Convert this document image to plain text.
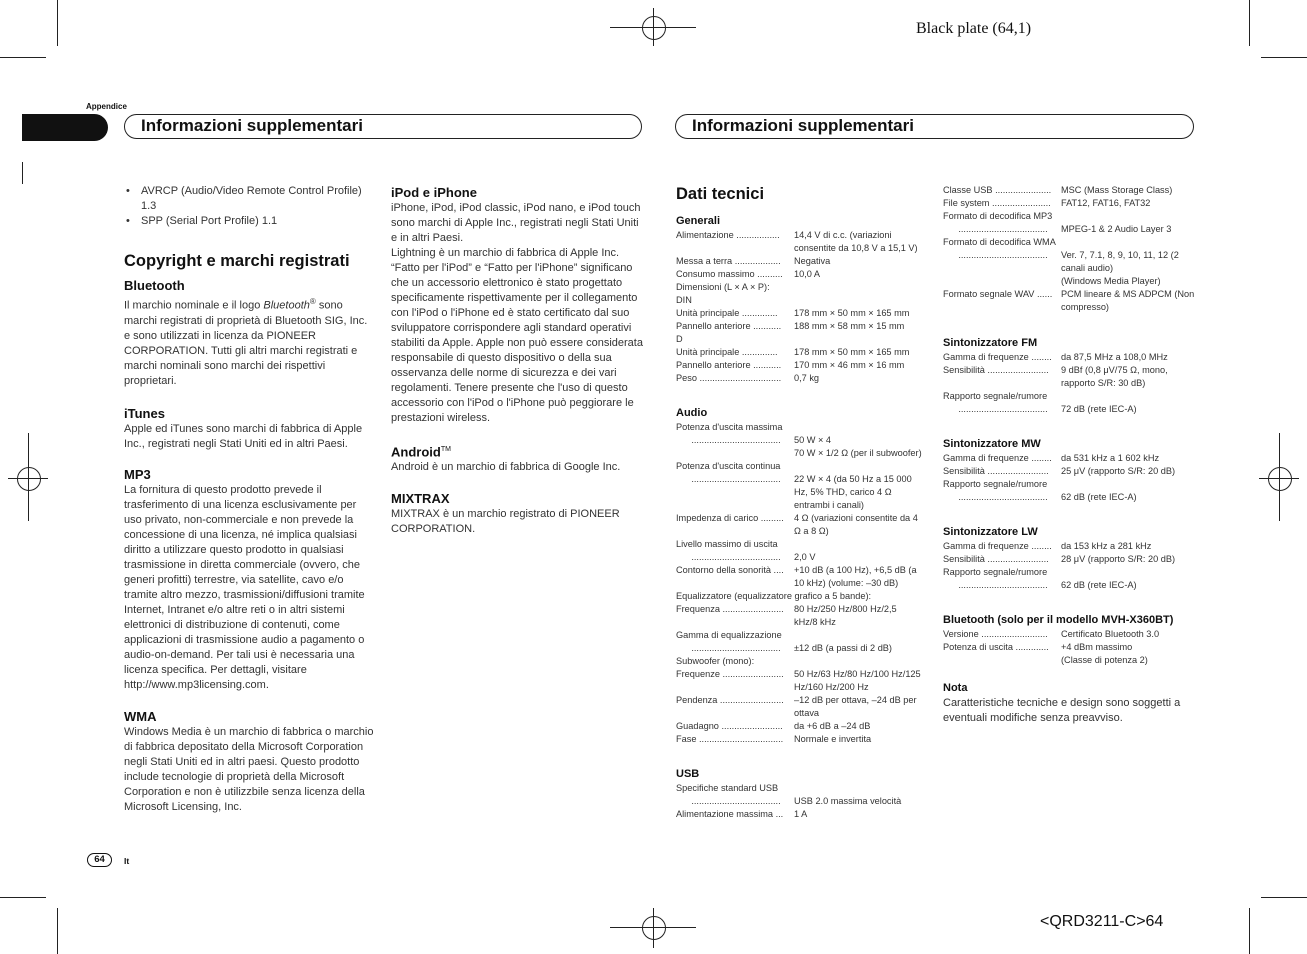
Black plate (64,1)
<QRD3211-C>64
Appendice
Informazioni supplementari	Informazioni supplementari

• AVRCP (Audio/Video Remote Control Profile) 1.3

• SPP (Serial Port Profile) 1.1

Copyright e marchi registrati

Bluetooth

Il marchio nominale e il logo Bluetooth® sono marchi registrati di proprietà di Bluetooth SIG, Inc. e sono utilizzati in licenza da PIONEER CORPORATION. Tutti gli altri marchi registrati e marchi nominali sono marchi dei rispettivi proprietari.

iTunes

Apple ed iTunes sono marchi di fabbrica di Apple Inc., registrati negli Stati Uniti ed in altri Paesi.

MP3

La fornitura di questo prodotto prevede il trasferimento di una licenza esclusivamente per uso privato, non-commerciale e non prevede la concessione di una licenza, né implica qualsiasi diritto a utilizzare questo prodotto in qualsiasi trasmissione in diretta commerciale (ovvero, che generi profitti) terrestre, via satellite, cavo e/o tramite altro mezzo, trasmissioni/diffusioni tramite Internet, Intranet e/o altre reti o in altri sistemi elettronici di distribuzione di contenuti, come applicazioni di trasmissione audio a pagamento o audio-on-demand. Per tali usi è necessaria una licenza specifica. Per dettagli, visitare http://www.mp3licensing.com.

WMA

Windows Media è un marchio di fabbrica o marchio di fabbrica depositato della Microsoft Corporation negli Stati Uniti ed in altri paesi. Questo prodotto include tecnologie di proprietà della Microsoft Corporation e non è utilizzbile senza licenza della Microsoft Licensing, Inc.

iPod e iPhone

iPhone, iPod, iPod classic, iPod nano, e iPod touch sono marchi di Apple Inc., registrati negli Stati Uniti e in altri Paesi.

Lightning è un marchio di fabbrica di Apple Inc. “Fatto per l'iPod” e “Fatto per l'iPhone” significano che un accessorio elettronico è stato progettato specificamente rispettivamente per il collegamento con l'iPod o l'iPhone ed è stato certificato dal suo sviluppatore corrispondere agli standard operativi stabiliti da Apple. Apple non può essere considerata responsabile di questo dispositivo o della sua osservanza delle norme di sicurezza e dei vari regolamenti. Tenere presente che l'uso di questo accessorio con l'iPod o l'iPhone può peggiorare le prestazioni wireless.

Android™

Android è un marchio di fabbrica di Google Inc.

MIXTRAX

MIXTRAX è un marchio registrato di PIONEER CORPORATION.

Dati tecnici
Generali
Alimentazione .................	14,4 V di c.c. (variazioni consentite da 10,8 V a 15,1 V)
Messa a terra ..................	Negativa
Consumo massimo ..........	10,0 A
Dimensioni (L × A × P):
DIN
Unità principale ..............	178 mm × 50 mm × 165 mm
Pannello anteriore ...........	188 mm × 58 mm × 15 mm
D
Unità principale ..............	178 mm × 50 mm × 165 mm
Pannello anteriore ...........	170 mm × 46 mm × 16 mm
Peso ................................	0,7 kg
Audio
Potenza d'uscita massima
...................................	50 W × 4
70 W × 1/2 Ω (per il subwoofer)
Potenza d'uscita continua
...................................	22 W × 4 (da 50 Hz a 15 000 Hz, 5% THD, carico 4 Ω entrambi i canali)
Impedenza di carico .........	4 Ω (variazioni consentite da 4 Ω a 8 Ω)
Livello massimo di uscita
...................................	2,0 V
Contorno della sonorità ....	+10 dB (a 100 Hz), +6,5 dB (a 10 kHz) (volume: –30 dB)
Equalizzatore (equalizzatore grafico a 5 bande):
Frequenza ........................	80 Hz/250 Hz/800 Hz/2,5 kHz/8 kHz
Gamma di equalizzazione
...................................	±12 dB (a passi di 2 dB)
Subwoofer (mono):
Frequenze ........................	50 Hz/63 Hz/80 Hz/100 Hz/125 Hz/160 Hz/200 Hz
Pendenza .........................	–12 dB per ottava, –24 dB per ottava
Guadagno ........................	da +6 dB a –24 dB
Fase .................................	Normale e invertita
USB
Specifiche standard USB
...................................	USB 2.0 massima velocità
Alimentazione massima ...	1 A
Classe USB ......................	MSC (Mass Storage Class)
File system .......................	FAT12, FAT16, FAT32
Formato di decodifica MP3
...................................	MPEG-1 & 2 Audio Layer 3
Formato di decodifica WMA
...................................	Ver. 7, 7.1, 8, 9, 10, 11, 12 (2 canali audio)
(Windows Media Player)
Formato segnale WAV ...... PCM lineare & MS ADPCM (Non compresso)
Sintonizzatore FM
Gamma di frequenze ........	da 87,5 MHz a 108,0 MHz
Sensibilità ........................	9 dBf (0,8 μV/75 Ω, mono, rapporto S/R: 30 dB)
Rapporto segnale/rumore
...................................	72 dB (rete IEC-A)
Sintonizzatore MW
Gamma di frequenze ........	da 531 kHz a 1 602 kHz
Sensibilità ........................	25 μV (rapporto S/R: 20 dB)
Rapporto segnale/rumore
...................................	62 dB (rete IEC-A)
Sintonizzatore LW
Gamma di frequenze ........	da 153 kHz a 281 kHz
Sensibilità ........................	28 μV (rapporto S/R: 20 dB)
Rapporto segnale/rumore
...................................	62 dB (rete IEC-A)
Bluetooth (solo per il modello MVH-X360BT)
Versione ..........................	Certificato Bluetooth 3.0
Potenza di uscita .............	+4 dBm massimo
(Classe di potenza 2)
Nota
Caratteristiche tecniche e design sono soggetti a eventuali modifiche senza preavviso.
64	It
